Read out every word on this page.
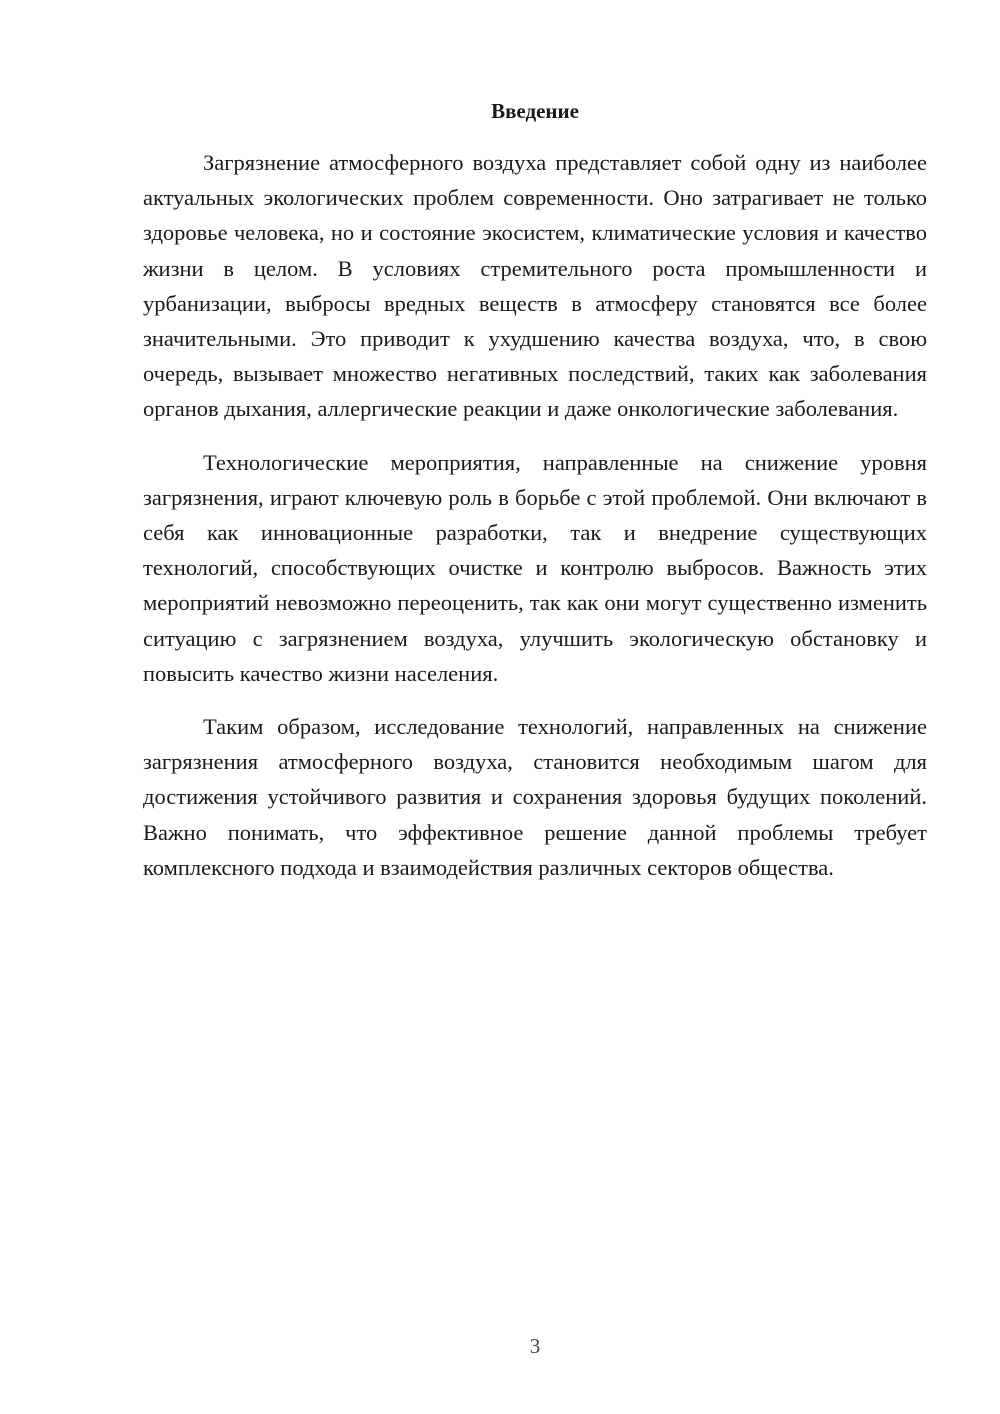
Введение

Загрязнение атмосферного воздуха представляет собой одну из наиболее актуальных экологических проблем современности. Оно затрагивает не только здоровье человека, но и состояние экосистем, климатические условия и качество жизни в целом. В условиях стремительного роста промышленности и урбанизации, выбросы вредных веществ в атмосферу становятся все более значительными. Это приводит к ухудшению качества воздуха, что, в свою очередь, вызывает множество негативных последствий, таких как заболевания органов дыхания, аллергические реакции и даже онкологические заболевания.

Технологические мероприятия, направленные на снижение уровня загрязнения, играют ключевую роль в борьбе с этой проблемой. Они включают в себя как инновационные разработки, так и внедрение существующих технологий, способствующих очистке и контролю выбросов. Важность этих мероприятий невозможно переоценить, так как они могут существенно изменить ситуацию с загрязнением воздуха, улучшить экологическую обстановку и повысить качество жизни населения.

Таким образом, исследование технологий, направленных на снижение загрязнения атмосферного воздуха, становится необходимым шагом для достижения устойчивого развития и сохранения здоровья будущих поколений. Важно понимать, что эффективное решение данной проблемы требует комплексного подхода и взаимодействия различных секторов общества.

3
